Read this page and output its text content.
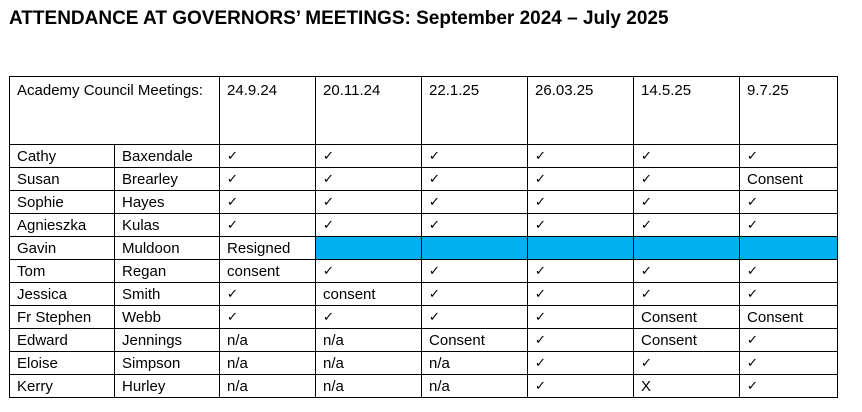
ATTENDANCE AT GOVERNORS’ MEETINGS: September 2024 – July 2025
Academy Council Meetings:		24.9.24	20.11.24	22.1.25	26.03.25	14.5.25	9.7.25
Cathy	Baxendale	✓	✓	✓	✓	✓	✓
Susan	Brearley	✓	✓	✓	✓	✓	Consent
Sophie	Hayes	✓	✓	✓	✓	✓	✓
Agnieszka	Kulas	✓	✓	✓	✓	✓	✓
Gavin	Muldoon	Resigned					
Tom	Regan	consent	✓	✓	✓	✓	✓
Jessica	Smith	✓	consent	✓	✓	✓	✓
Fr Stephen	Webb	✓	✓	✓	✓	Consent	Consent
Edward	Jennings	n/a	n/a	Consent	✓	Consent	✓
Eloise	Simpson	n/a	n/a	n/a	✓	✓	✓
Kerry	Hurley	n/a	n/a	n/a	✓	X	✓
